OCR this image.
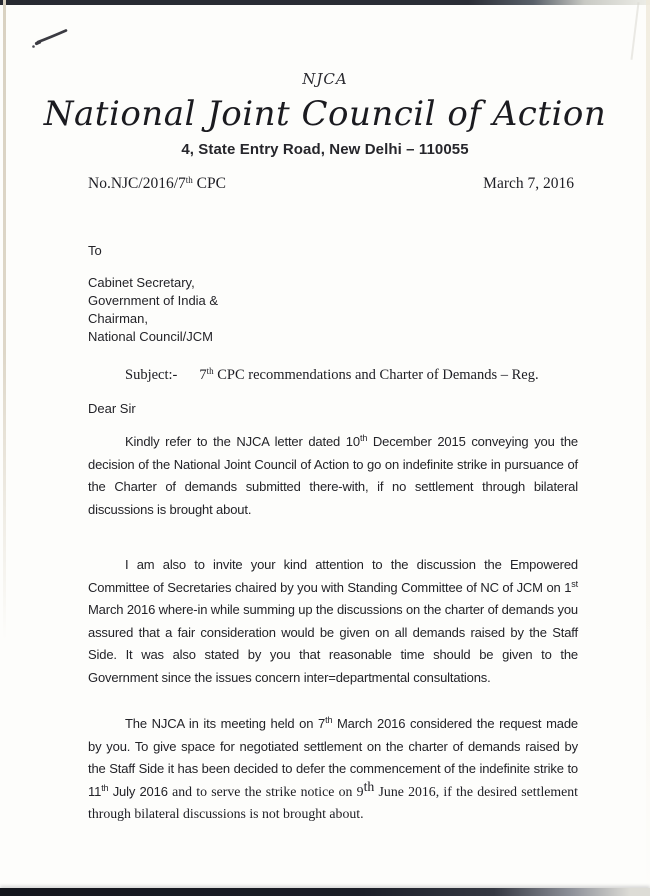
NJCA
National Joint Council of Action
4, State Entry Road, New Delhi – 110055
No.NJC/2016/7th CPC	March 7, 2016
To

Cabinet Secretary,

Government of India &

Chairman,

National Council/JCM

Subject:- 7th CPC recommendations and Charter of Demands – Reg.
Dear Sir

Kindly refer to the NJCA letter dated 10th December 2015 conveying you the decision of the National Joint Council of Action to go on indefinite strike in pursuance of the Charter of demands submitted there-with, if no settlement through bilateral discussions is brought about.

I am also to invite your kind attention to the discussion the Empowered Committee of Secretaries chaired by you with Standing Committee of NC of JCM on 1st March 2016 where-in while summing up the discussions on the charter of demands you assured that a fair consideration would be given on all demands raised by the Staff Side. It was also stated by you that reasonable time should be given to the Government since the issues concern inter=departmental consultations.

The NJCA in its meeting held on 7th March 2016 considered the request made by you. To give space for negotiated settlement on the charter of demands raised by the Staff Side it has been decided to defer the commencement of the indefinite strike to 11th July 2016 and to serve the strike notice on 9th June 2016, if the desired settlement through bilateral discussions is not brought about.
